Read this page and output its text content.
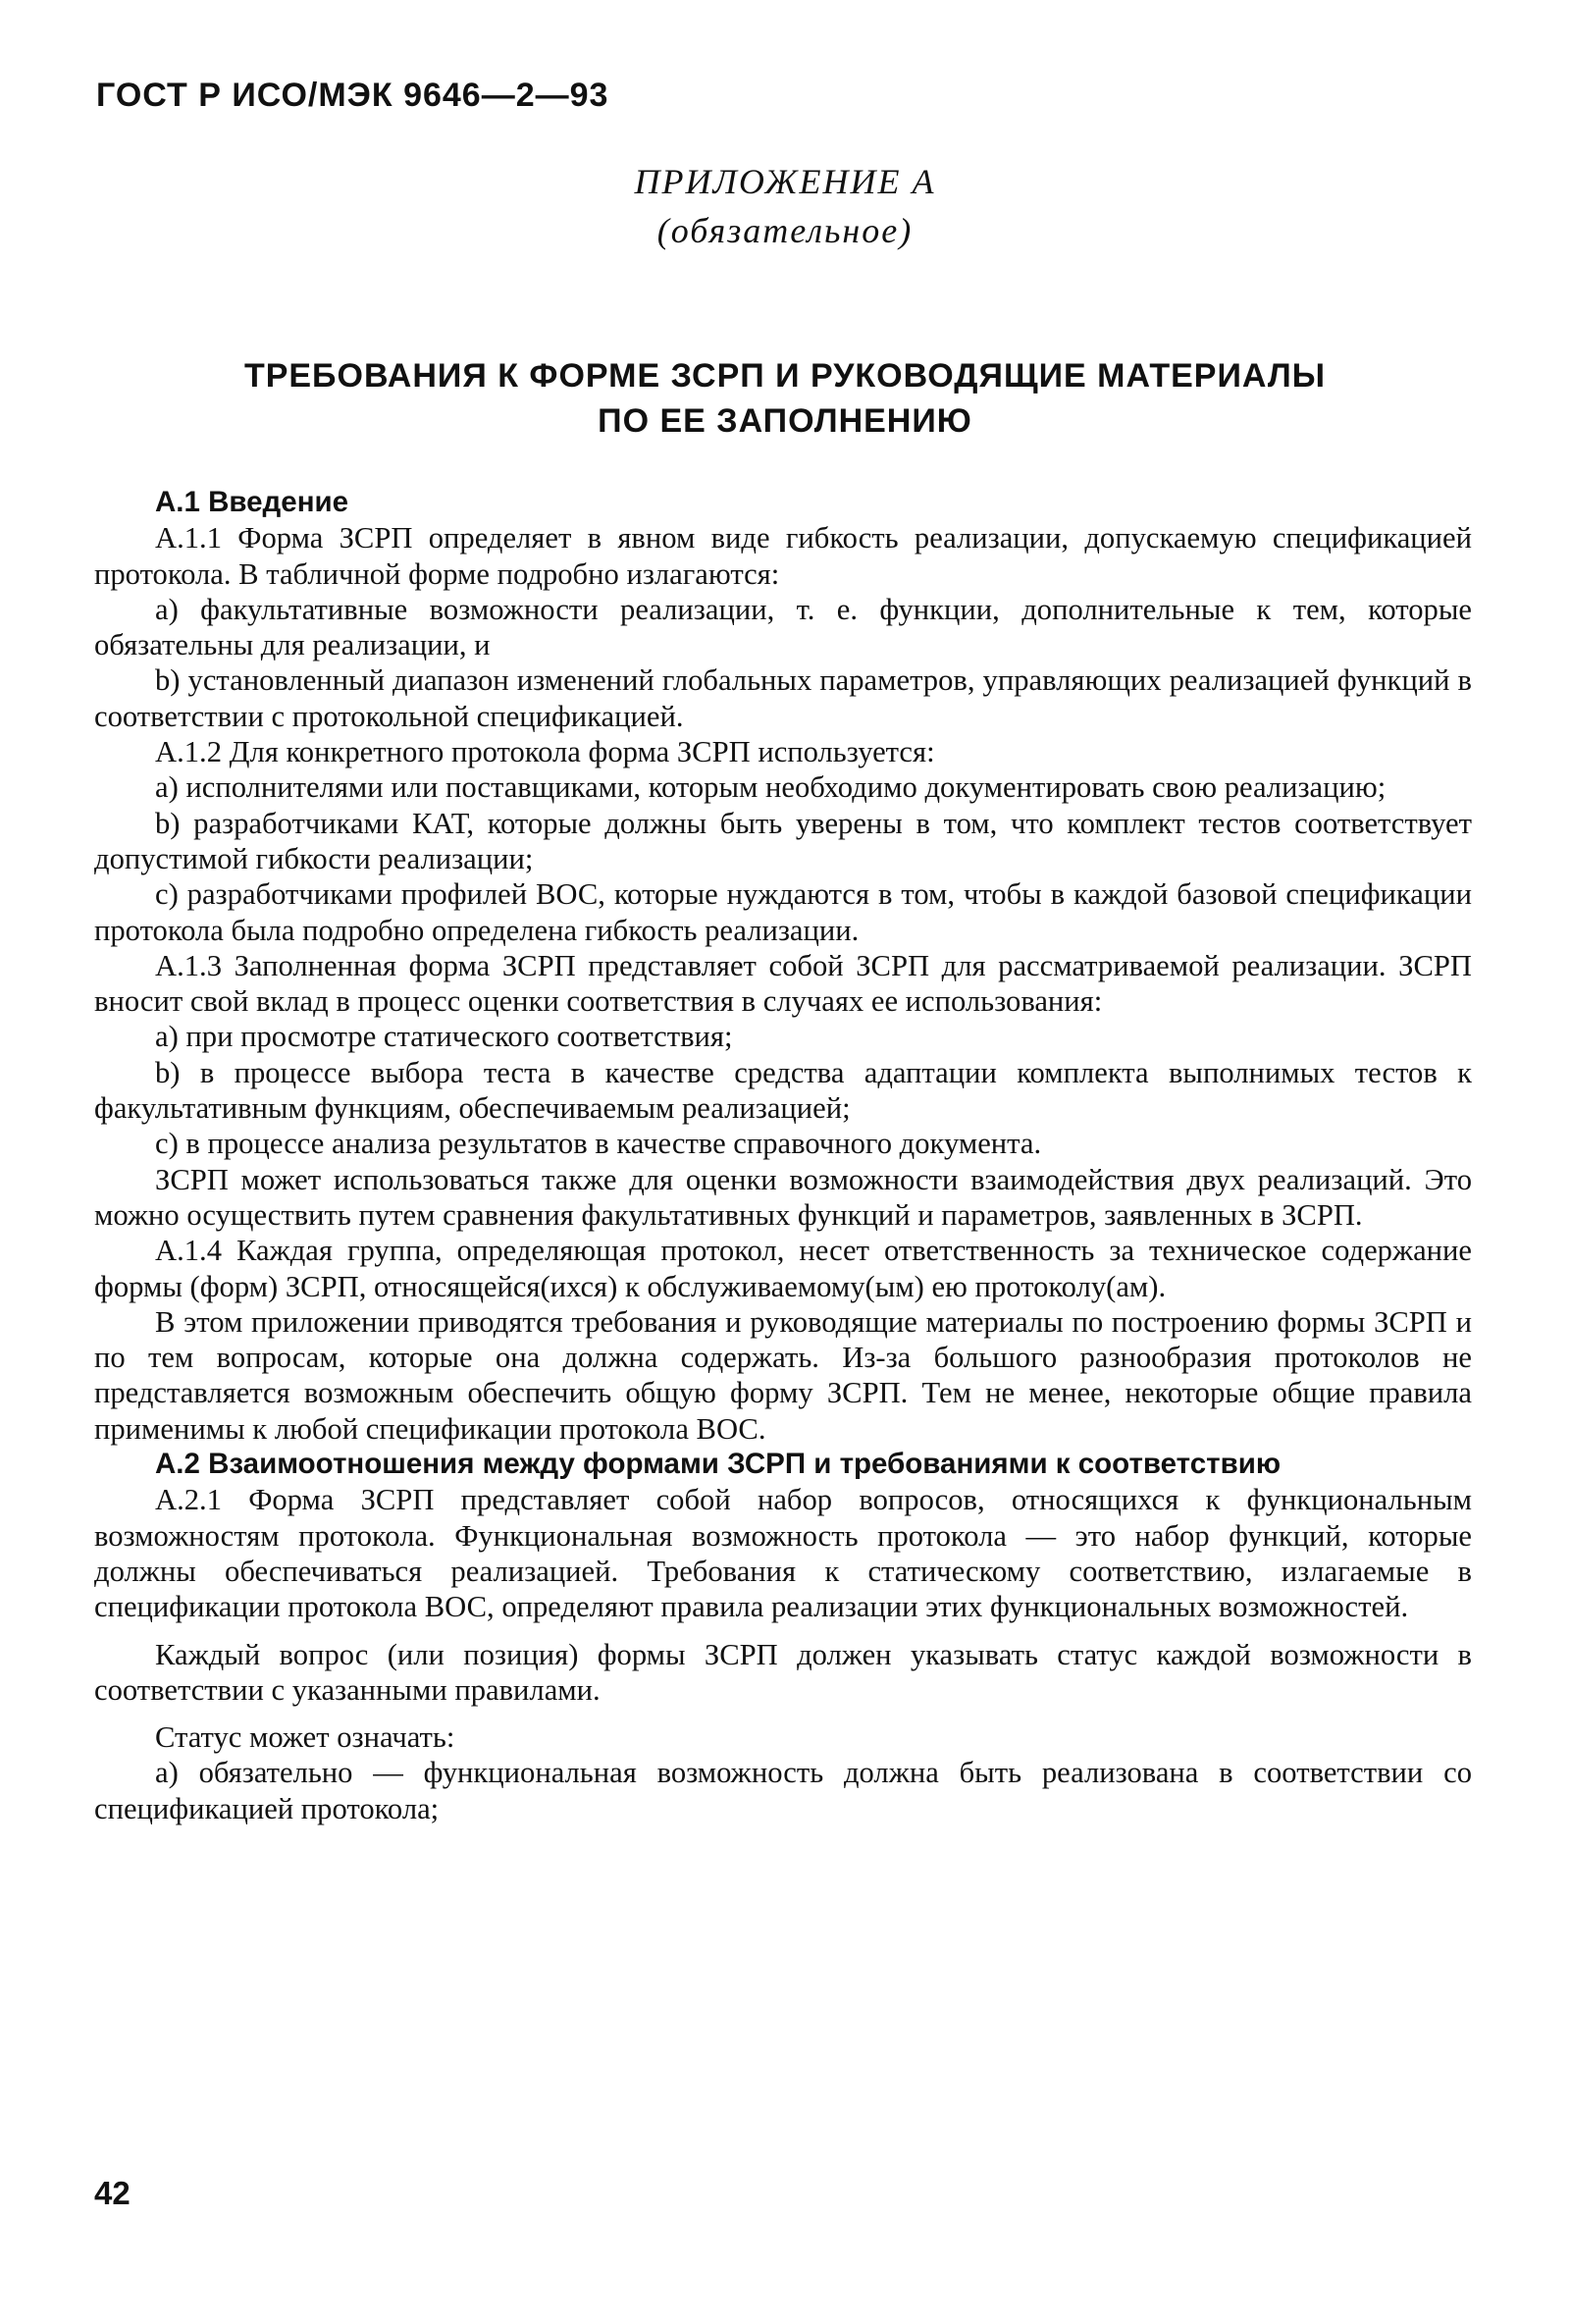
ГОСТ Р ИСО/МЭК 9646—2—93
ПРИЛОЖЕНИЕ А
(обязательное)
ТРЕБОВАНИЯ К ФОРМЕ ЗСРП И РУКОВОДЯЩИЕ МАТЕРИАЛЫ
ПО ЕЕ ЗАПОЛНЕНИЮ

А.1 Введение

А.1.1 Форма ЗСРП определяет в явном виде гибкость реализации, допускаемую спецификацией протокола. В табличной форме подробно излагаются:

а) факультативные возможности реализации, т. е. функции, дополнительные к тем, которые обязательны для реализации, и

b) установленный диапазон изменений глобальных параметров, управляющих реализацией функций в соответствии с протокольной спецификацией.

А.1.2 Для конкретного протокола форма ЗСРП используется:

а) исполнителями или поставщиками, которым необходимо документировать свою реализацию;

b) разработчиками КАТ, которые должны быть уверены в том, что комплект тестов соответствует допустимой гибкости реализации;

с) разработчиками профилей ВОС, которые нуждаются в том, чтобы в каждой базовой спецификации протокола была подробно определена гибкость реализации.

А.1.3 Заполненная форма ЗСРП представляет собой ЗСРП для рассматриваемой реализации. ЗСРП вносит свой вклад в процесс оценки соответствия в случаях ее использования:

а) при просмотре статического соответствия;

b) в процессе выбора теста в качестве средства адаптации комплекта выполнимых тестов к факультативным функциям, обеспечиваемым реализацией;

с) в процессе анализа результатов в качестве справочного документа.

ЗСРП может использоваться также для оценки возможности взаимодействия двух реализаций. Это можно осуществить путем сравнения факультативных функций и параметров, заявленных в ЗСРП.

А.1.4 Каждая группа, определяющая протокол, несет ответственность за техническое содержание формы (форм) ЗСРП, относящейся(ихся) к обслуживаемому(ым) ею протоколу(ам).

В этом приложении приводятся требования и руководящие материалы по построению формы ЗСРП и по тем вопросам, которые она должна содержать. Из-за большого разнообразия протоколов не представляется возможным обеспечить общую форму ЗСРП. Тем не менее, некоторые общие правила применимы к любой спецификации протокола ВОС.

А.2 Взаимоотношения между формами ЗСРП и требованиями к соответствию

А.2.1 Форма ЗСРП представляет собой набор вопросов, относящихся к функциональным возможностям протокола. Функциональная возможность протокола — это набор функций, которые должны обеспечиваться реализацией. Требования к статическому соответствию, излагаемые в спецификации протокола ВОС, определяют правила реализации этих функциональных возможностей.

Каждый вопрос (или позиция) формы ЗСРП должен указывать статус каждой возможности в соответствии с указанными правилами.

Статус может означать:

а) обязательно — функциональная возможность должна быть реализована в соответствии со спецификацией протокола;

42
